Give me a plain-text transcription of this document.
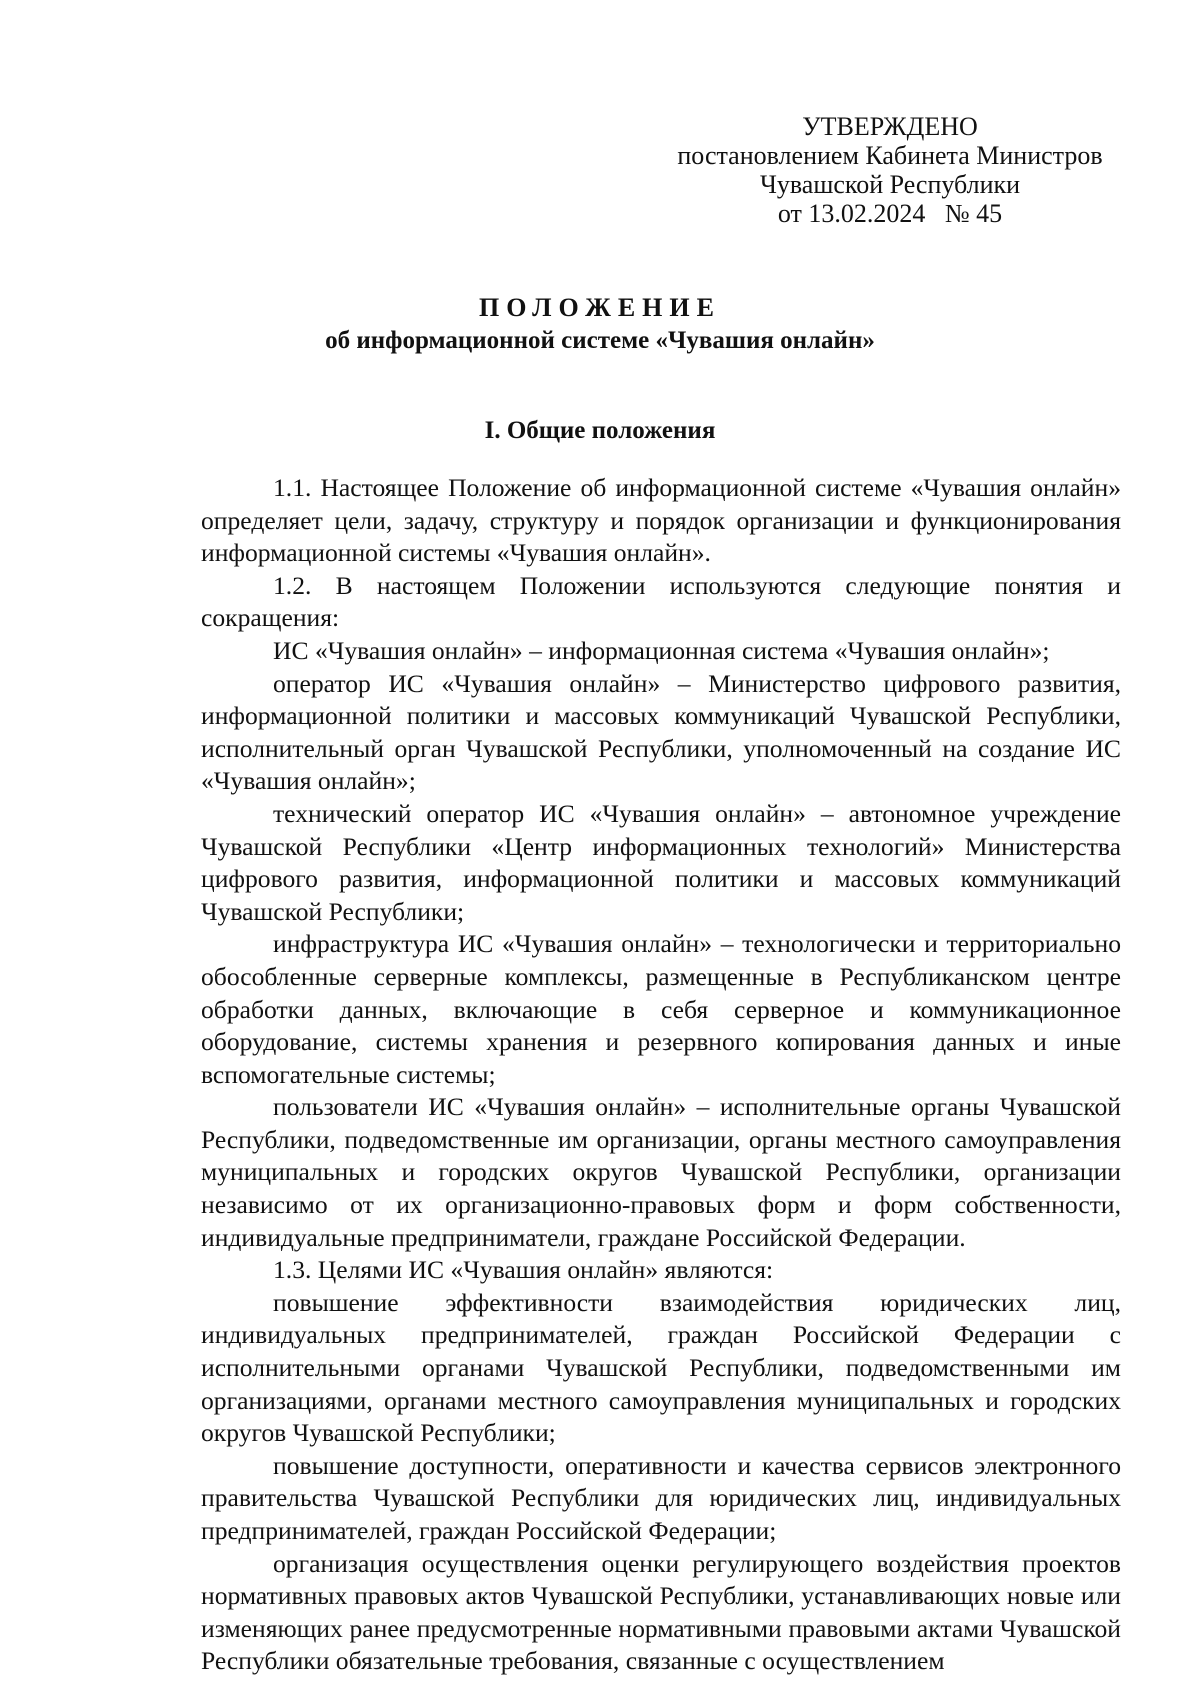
УТВЕРЖДЕНО
постановлением Кабинета Министров
Чувашской Республики
от 13.02.2024   № 45
ПОЛОЖЕНИЕ
об информационной системе «Чувашия онлайн»
I. Общие положения

1.1. Настоящее Положение об информационной системе «Чувашия онлайн» определяет цели, задачу, структуру и порядок организации и функционирования информационной системы «Чувашия онлайн».

1.2. В настоящем Положении используются следующие понятия и сокращения:

ИС «Чувашия онлайн» – информационная система «Чувашия онлайн»;

оператор ИС «Чувашия онлайн» – Министерство цифрового развития, информационной политики и массовых коммуникаций Чувашской Республики, исполнительный орган Чувашской Республики, уполномоченный на создание ИС «Чувашия онлайн»;

технический оператор ИС «Чувашия онлайн» – автономное учреждение Чувашской Республики «Центр информационных технологий» Министерства цифрового развития, информационной политики и массовых коммуникаций Чувашской Республики;

инфраструктура ИС «Чувашия онлайн» – технологически и территориально обособленные серверные комплексы, размещенные в Республиканском центре обработки данных, включающие в себя серверное и коммуникационное оборудование, системы хранения и резервного копирования данных и иные вспомогательные системы;

пользователи ИС «Чувашия онлайн» – исполнительные органы Чувашской Республики, подведомственные им организации, органы местного самоуправления муниципальных и городских округов Чувашской Республики, организации независимо от их организационно-правовых форм и форм собственности, индивидуальные предприниматели, граждане Российской Федерации.

1.3. Целями ИС «Чувашия онлайн» являются:

повышение эффективности взаимодействия юридических лиц, индивидуальных предпринимателей, граждан Российской Федерации с исполнительными органами Чувашской Республики, подведомственными им организациями, органами местного самоуправления муниципальных и городских округов Чувашской Республики;

повышение доступности, оперативности и качества сервисов электронного правительства Чувашской Республики для юридических лиц, индивидуальных предпринимателей, граждан Российской Федерации;

организация осуществления оценки регулирующего воздействия проектов нормативных правовых актов Чувашской Республики, устанавливающих новые или изменяющих ранее предусмотренные нормативными правовыми актами Чувашской Республики обязательные требования, связанные с осуществлением
